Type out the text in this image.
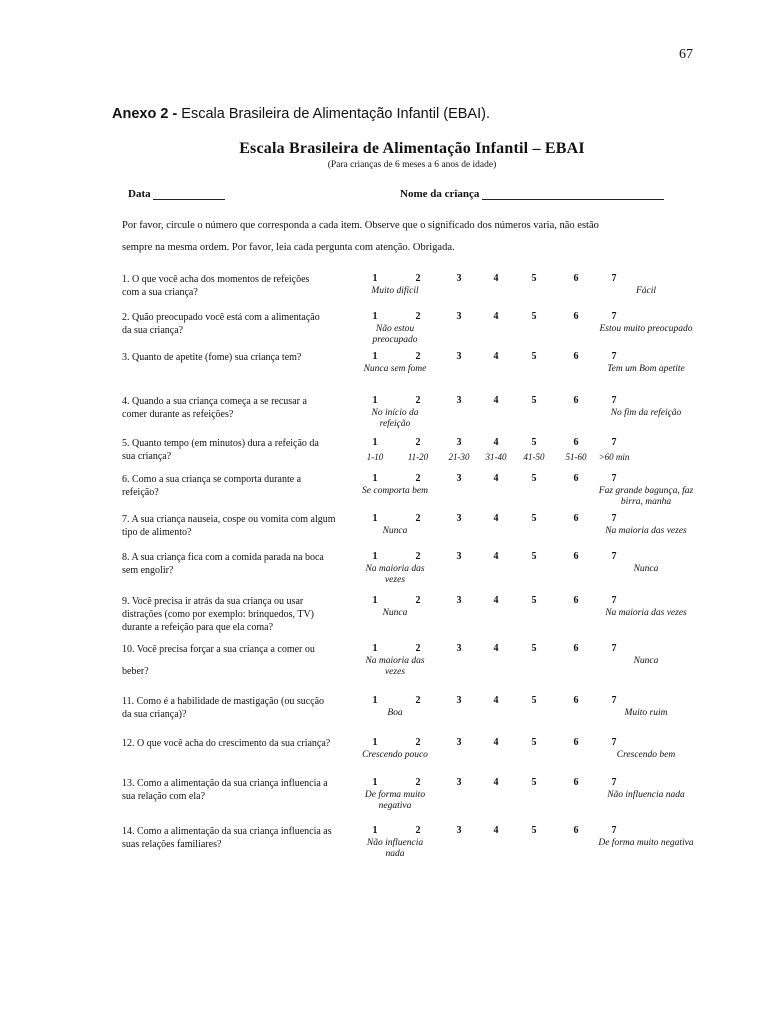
67
Anexo 2 - Escala Brasileira de Alimentação Infantil (EBAI).
Escala Brasileira de Alimentação Infantil – EBAI
(Para crianças de 6 meses a 6 anos de idade)
Data	Nome da criança
Por favor, circule o número que corresponda a cada item. Observe que o significado dos números varia, não estão
sempre na mesma ordem. Por favor, leia cada pergunta com atenção. Obrigada.
1. O que você acha dos momentos de refeições
com a sua criança?
1	2	3	4	5	6	7
Muito difícil	Fácil
2. Quão preocupado você está com a alimentação
da sua criança?
1	2	3	4	5	6	7
Não estou preocupado
Estou muito preocupado
3. Quanto de apetite (fome) sua criança tem?	1	2	3	4	5	6	7
Nunca sem fome	Tem um Bom apetite
4. Quando a sua criança começa a se recusar a
comer durante as refeições?
1	2	3	4	5	6	7
No início da refeição
No fim da refeição
5. Quanto tempo (em minutos) dura a refeição da
sua criança?
1	2	3	4	5	6	7
1-10	11-20	21-30	31-40	41-50	51-60	>60 min
6. Como a sua criança se comporta durante a
refeição?
1	2	3	4	5	6	7
Se comporta bem	Faz grande bagunça, faz birra, manha
7. A sua criança nauseia, cospe ou vomita com algum
tipo de alimento?
1	2	3	4	5	6	7
Nunca	Na maioria das vezes
8. A sua criança fica com a comida parada na boca
sem engolir?
1	2	3	4	5	6	7
Na maioria das vezes
Nunca
9. Você precisa ir atrás da sua criança ou usar
distrações (como por exemplo: brinquedos, TV)
durante a refeição para que ela coma?
1	2	3	4	5	6	7
Nunca	Na maioria das vezes
10. Você precisa forçar a sua criança a comer ou
beber?
1	2	3	4	5	6	7
Na maioria das vezes
Nunca
11. Como é a habilidade de mastigação (ou sucção
da sua criança)?
1	2	3	4	5	6	7
Boa	Muito ruim
12. O que você acha do crescimento da sua criança?	1	2	3	4	5	6	7
Crescendo pouco	Crescendo bem
13. Como a alimentação da sua criança influencia a
sua relação com ela?
1	2	3	4	5	6	7
De forma muito negativa
Não influencia nada
14. Como a alimentação da sua criança influencia as
suas relações familiares?
1	2	3	4	5	6	7
Não influencia nada
De forma muito negativa
